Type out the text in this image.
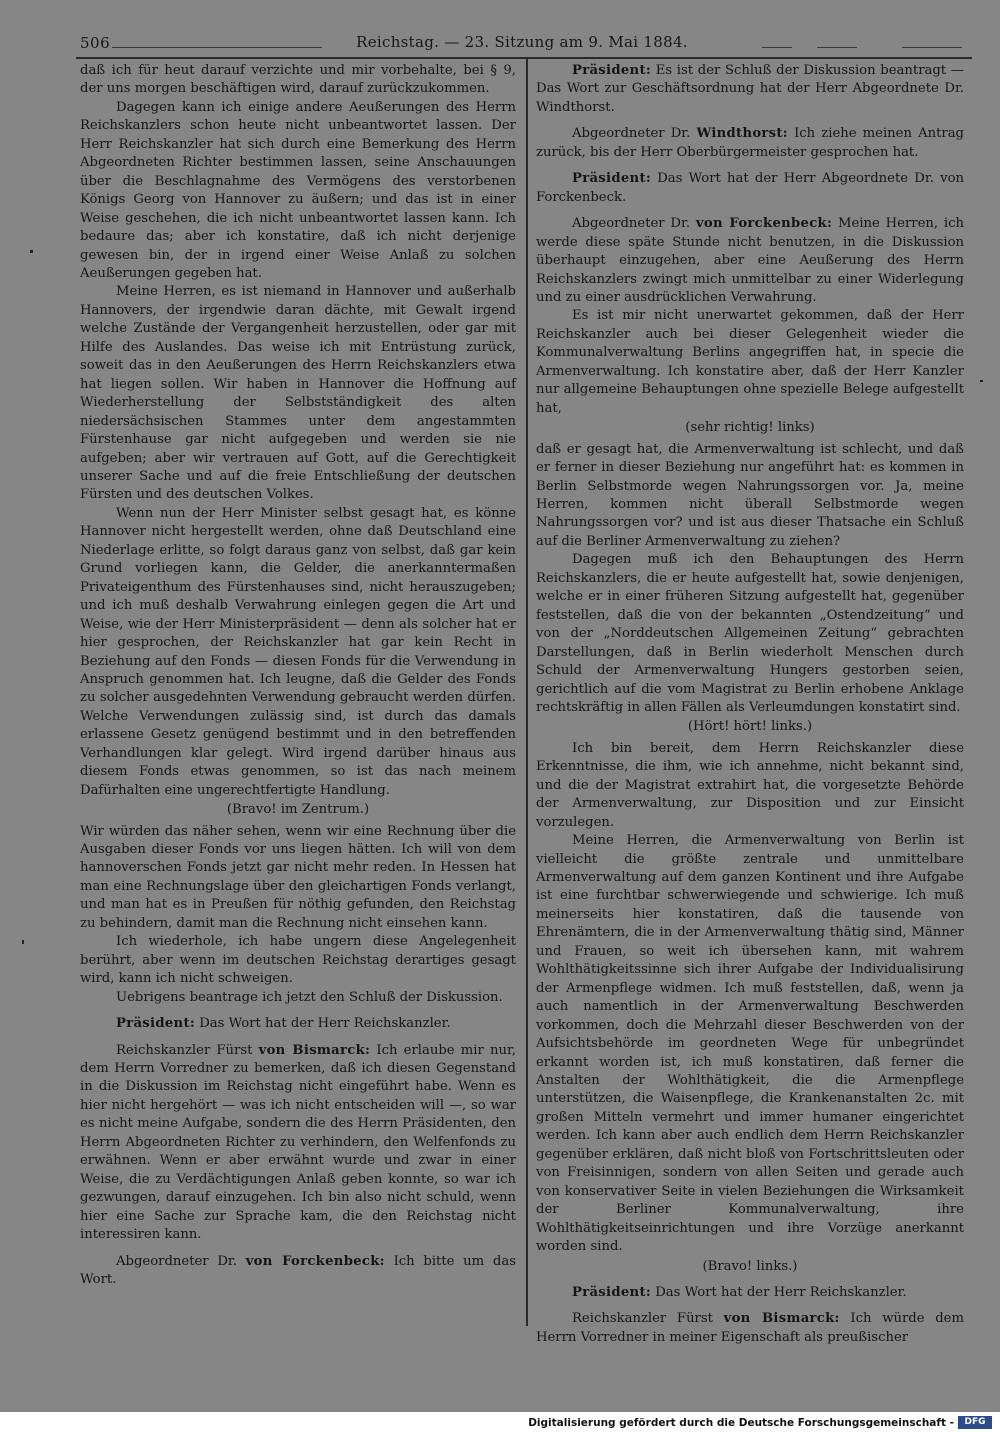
506	Reichstag. — 23. Sitzung am 9. Mai 1884.

daß ich für heut darauf verzichte und mir vorbehalte, bei § 9, der uns morgen beschäftigen wird, darauf zurückzukommen.

Dagegen kann ich einige andere Aeußerungen des Herrn Reichskanzlers schon heute nicht unbeantwortet lassen. Der Herr Reichskanzler hat sich durch eine Bemerkung des Herrn Abgeordneten Richter bestimmen lassen, seine Anschauungen über die Beschlagnahme des Vermögens des verstorbenen Königs Georg von Hannover zu äußern; und das ist in einer Weise geschehen, die ich nicht unbeantwortet lassen kann. Ich bedaure das; aber ich konstatire, daß ich nicht derjenige gewesen bin, der in irgend einer Weise Anlaß zu solchen Aeußerungen gegeben hat.

Meine Herren, es ist niemand in Hannover und außerhalb Hannovers, der irgendwie daran dächte, mit Gewalt irgend welche Zustände der Vergangenheit herzustellen, oder gar mit Hilfe des Auslandes. Das weise ich mit Entrüstung zurück, soweit das in den Aeußerungen des Herrn Reichskanzlers etwa hat liegen sollen. Wir haben in Hannover die Hoffnung auf Wiederherstellung der Selbstständigkeit des alten niedersächsischen Stammes unter dem angestammten Fürstenhause gar nicht aufgegeben und werden sie nie aufgeben; aber wir vertrauen auf Gott, auf die Gerechtigkeit unserer Sache und auf die freie Entschließung der deutschen Fürsten und des deutschen Volkes.

Wenn nun der Herr Minister selbst gesagt hat, es könne Hannover nicht hergestellt werden, ohne daß Deutschland eine Niederlage erlitte, so folgt daraus ganz von selbst, daß gar kein Grund vorliegen kann, die Gelder, die anerkanntermaßen Privateigenthum des Fürstenhauses sind, nicht herauszugeben; und ich muß deshalb Verwahrung einlegen gegen die Art und Weise, wie der Herr Ministerpräsident — denn als solcher hat er hier gesprochen, der Reichskanzler hat gar kein Recht in Beziehung auf den Fonds — diesen Fonds für die Verwendung in Anspruch genommen hat. Ich leugne, daß die Gelder des Fonds zu solcher ausgedehnten Verwendung gebraucht werden dürfen. Welche Verwendungen zulässig sind, ist durch das damals erlassene Gesetz genügend bestimmt und in den betreffenden Verhandlungen klar gelegt. Wird irgend darüber hinaus aus diesem Fonds etwas genommen, so ist das nach meinem Dafürhalten eine ungerechtfertigte Handlung.

(Bravo! im Zentrum.)

Wir würden das näher sehen, wenn wir eine Rechnung über die Ausgaben dieser Fonds vor uns liegen hätten. Ich will von dem hannoverschen Fonds jetzt gar nicht mehr reden. In Hessen hat man eine Rechnungslage über den gleichartigen Fonds verlangt, und man hat es in Preußen für nöthig gefunden, den Reichstag zu behindern, damit man die Rechnung nicht einsehen kann.

Ich wiederhole, ich habe ungern diese Angelegenheit berührt, aber wenn im deutschen Reichstag derartiges gesagt wird, kann ich nicht schweigen.

Uebrigens beantrage ich jetzt den Schluß der Diskussion.

Präsident: Das Wort hat der Herr Reichskanzler.

Reichskanzler Fürst von Bismarck: Ich erlaube mir nur, dem Herrn Vorredner zu bemerken, daß ich diesen Gegenstand in die Diskussion im Reichstag nicht eingeführt habe. Wenn es hier nicht hergehört — was ich nicht entscheiden will —, so war es nicht meine Aufgabe, sondern die des Herrn Präsidenten, den Herrn Abgeordneten Richter zu verhindern, den Welfenfonds zu erwähnen. Wenn er aber erwähnt wurde und zwar in einer Weise, die zu Verdächtigungen Anlaß geben konnte, so war ich gezwungen, darauf einzugehen. Ich bin also nicht schuld, wenn hier eine Sache zur Sprache kam, die den Reichstag nicht interessiren kann.

Abgeordneter Dr. von Forckenbeck: Ich bitte um das Wort.

Präsident: Es ist der Schluß der Diskussion beantragt — Das Wort zur Geschäftsordnung hat der Herr Abgeordnete Dr. Windthorst.

Abgeordneter Dr. Windthorst: Ich ziehe meinen Antrag zurück, bis der Herr Oberbürgermeister gesprochen hat.

Präsident: Das Wort hat der Herr Abgeordnete Dr. von Forckenbeck.

Abgeordneter Dr. von Forckenbeck: Meine Herren, ich werde diese späte Stunde nicht benutzen, in die Diskussion überhaupt einzugehen, aber eine Aeußerung des Herrn Reichskanzlers zwingt mich unmittelbar zu einer Widerlegung und zu einer ausdrücklichen Verwahrung.

Es ist mir nicht unerwartet gekommen, daß der Herr Reichskanzler auch bei dieser Gelegenheit wieder die Kommunalverwaltung Berlins angegriffen hat, in specie die Armenverwaltung. Ich konstatire aber, daß der Herr Kanzler nur allgemeine Behauptungen ohne spezielle Belege aufgestellt hat,

(sehr richtig! links)

daß er gesagt hat, die Armenverwaltung ist schlecht, und daß er ferner in dieser Beziehung nur angeführt hat: es kommen in Berlin Selbstmorde wegen Nahrungssorgen vor. Ja, meine Herren, kommen nicht überall Selbstmorde wegen Nahrungssorgen vor? und ist aus dieser Thatsache ein Schluß auf die Berliner Armenverwaltung zu ziehen?

Dagegen muß ich den Behauptungen des Herrn Reichskanzlers, die er heute aufgestellt hat, sowie denjenigen, welche er in einer früheren Sitzung aufgestellt hat, gegenüber feststellen, daß die von der bekannten „Ostendzeitung“ und von der „Norddeutschen Allgemeinen Zeitung“ gebrachten Darstellungen, daß in Berlin wiederholt Menschen durch Schuld der Armenverwaltung Hungers gestorben seien, gerichtlich auf die vom Magistrat zu Berlin erhobene Anklage rechtskräftig in allen Fällen als Verleumdungen konstatirt sind.

(Hört! hört! links.)

Ich bin bereit, dem Herrn Reichskanzler diese Erkenntnisse, die ihm, wie ich annehme, nicht bekannt sind, und die der Magistrat extrahirt hat, die vorgesetzte Behörde der Armenverwaltung, zur Disposition und zur Einsicht vorzulegen.

Meine Herren, die Armenverwaltung von Berlin ist vielleicht die größte zentrale und unmittelbare Armenverwaltung auf dem ganzen Kontinent und ihre Aufgabe ist eine furchtbar schwerwiegende und schwierige. Ich muß meinerseits hier konstatiren, daß die tausende von Ehrenämtern, die in der Armenverwaltung thätig sind, Männer und Frauen, so weit ich übersehen kann, mit wahrem Wohlthätigkeitssinne sich ihrer Aufgabe der Individualisirung der Armenpflege widmen. Ich muß feststellen, daß, wenn ja auch namentlich in der Armenverwaltung Beschwerden vorkommen, doch die Mehrzahl dieser Beschwerden von der Aufsichtsbehörde im geordneten Wege für unbegründet erkannt worden ist, ich muß konstatiren, daß ferner die Anstalten der Wohlthätigkeit, die die Armenpflege unterstützen, die Waisenpflege, die Krankenanstalten 2c. mit großen Mitteln vermehrt und immer humaner eingerichtet werden. Ich kann aber auch endlich dem Herrn Reichskanzler gegenüber erklären, daß nicht bloß von Fortschrittsleuten oder von Freisinnigen, sondern von allen Seiten und gerade auch von konservativer Seite in vielen Beziehungen die Wirksamkeit der Berliner Kommunalverwaltung, ihre Wohlthätigkeitseinrichtungen und ihre Vorzüge anerkannt worden sind.

(Bravo! links.)

Präsident: Das Wort hat der Herr Reichskanzler.

Reichskanzler Fürst von Bismarck: Ich würde dem Herrn Vorredner in meiner Eigenschaft als preußischer

Digitalisierung gefördert durch die Deutsche Forschungsgemeinschaft -	DFG
